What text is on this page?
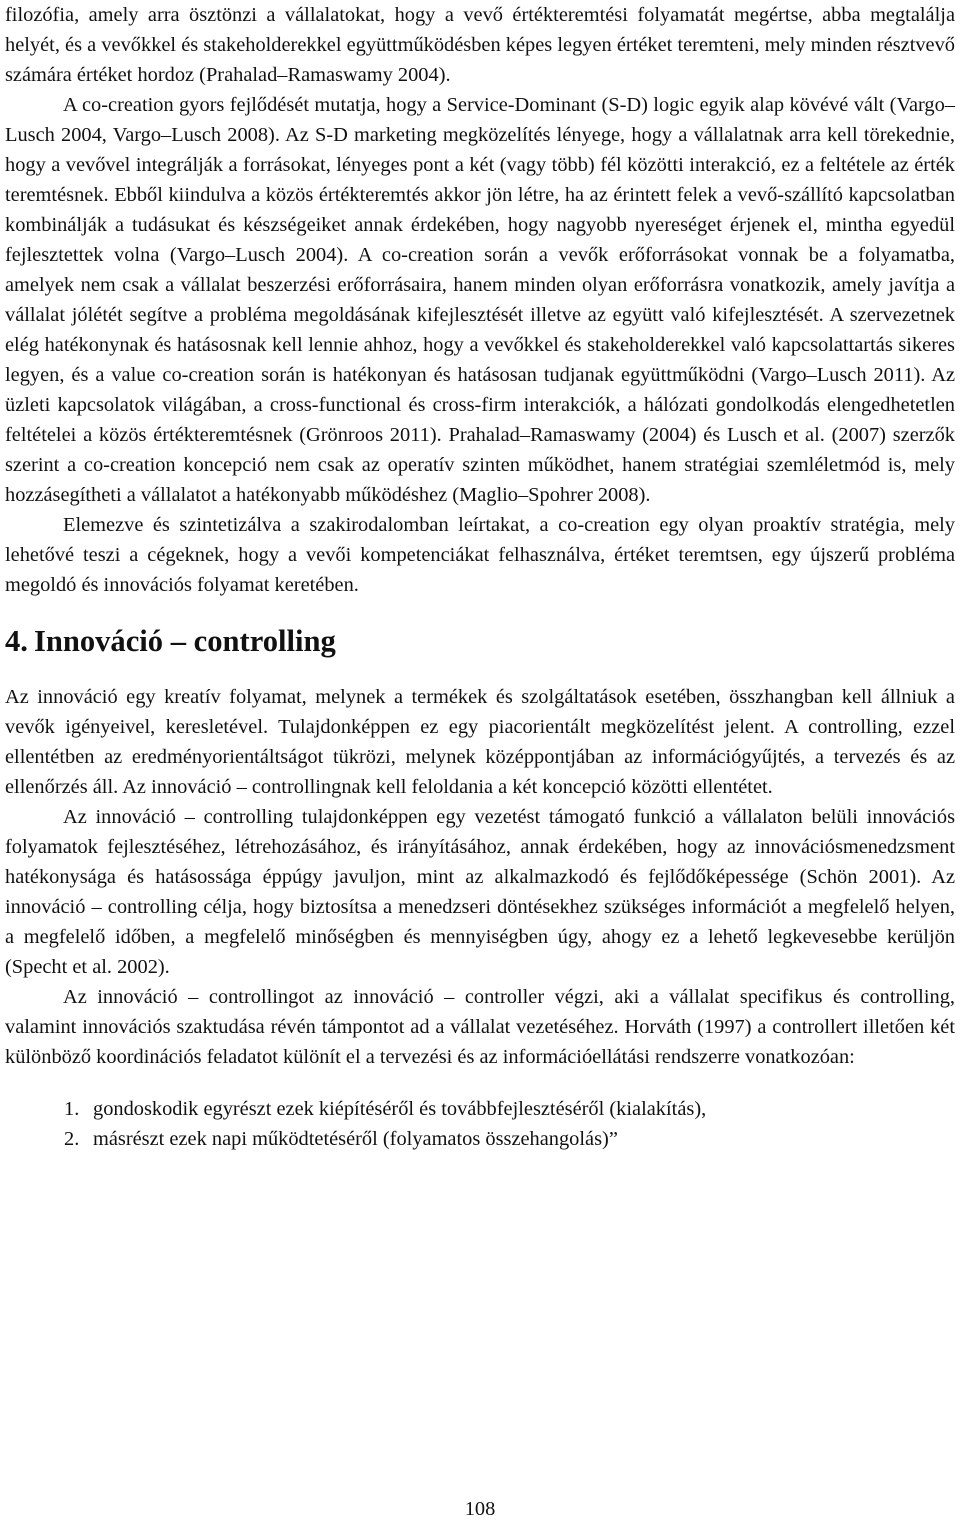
filozófia, amely arra ösztönzi a vállalatokat, hogy a vevő értékteremtési folyamatát megértse, abba megtalálja helyét, és a vevőkkel és stakeholderekkel együttműködésben képes legyen értéket teremteni, mely minden résztvevő számára értéket hordoz (Prahalad–Ramaswamy 2004).

A co-creation gyors fejlődését mutatja, hogy a Service-Dominant (S-D) logic egyik alap kövévé vált (Vargo–Lusch 2004, Vargo–Lusch 2008). Az S-D marketing megközelítés lényege, hogy a vállalatnak arra kell törekednie, hogy a vevővel integrálják a forrásokat, lényeges pont a két (vagy több) fél közötti interakció, ez a feltétele az érték teremtésnek. Ebből kiindulva a közös értékteremtés akkor jön létre, ha az érintett felek a vevő-szállító kapcsolatban kombinálják a tudásukat és készségeiket annak érdekében, hogy nagyobb nyereséget érjenek el, mintha egyedül fejlesztettek volna (Vargo–Lusch 2004). A co-creation során a vevők erőforrásokat vonnak be a folyamatba, amelyek nem csak a vállalat beszerzési erőforrásaira, hanem minden olyan erőforrásra vonatkozik, amely javítja a vállalat jólétét segítve a probléma megoldásának kifejlesztését illetve az együtt való kifejlesztését. A szervezetnek elég hatékonynak és hatásosnak kell lennie ahhoz, hogy a vevőkkel és stakeholderekkel való kapcsolattartás sikeres legyen, és a value co-creation során is hatékonyan és hatásosan tudjanak együttműködni (Vargo–Lusch 2011). Az üzleti kapcsolatok világában, a cross-functional és cross-firm interakciók, a hálózati gondolkodás elengedhetetlen feltételei a közös értékteremtésnek (Grönroos 2011). Prahalad–Ramaswamy (2004) és Lusch et al. (2007) szerzők szerint a co-creation koncepció nem csak az operatív szinten működhet, hanem stratégiai szemléletmód is, mely hozzásegítheti a vállalatot a hatékonyabb működéshez (Maglio–Spohrer 2008).

Elemezve és szintetizálva a szakirodalomban leírtakat, a co-creation egy olyan proaktív stratégia, mely lehetővé teszi a cégeknek, hogy a vevői kompetenciákat felhasználva, értéket teremtsen, egy újszerű probléma megoldó és innovációs folyamat keretében.

4. Innováció – controlling

Az innováció egy kreatív folyamat, melynek a termékek és szolgáltatások esetében, összhangban kell állniuk a vevők igényeivel, keresletével. Tulajdonképpen ez egy piacorientált megközelítést jelent. A controlling, ezzel ellentétben az eredményorientáltságot tükrözi, melynek középpontjában az információgyűjtés, a tervezés és az ellenőrzés áll. Az innováció – controllingnak kell feloldania a két koncepció közötti ellentétet.

Az innováció – controlling tulajdonképpen egy vezetést támogató funkció a vállalaton belüli innovációs folyamatok fejlesztéséhez, létrehozásához, és irányításához, annak érdekében, hogy az innovációsmenedzsment hatékonysága és hatásossága éppúgy javuljon, mint az alkalmazkodó és fejlődőképessége (Schön 2001). Az innováció – controlling célja, hogy biztosítsa a menedzseri döntésekhez szükséges információt a megfelelő helyen, a megfelelő időben, a megfelelő minőségben és mennyiségben úgy, ahogy ez a lehető legkevesebbe kerüljön (Specht et al. 2002).

Az innováció – controllingot az innováció – controller végzi, aki a vállalat specifikus és controlling, valamint innovációs szaktudása révén támpontot ad a vállalat vezetéséhez. Horváth (1997) a controllert illetően két különböző koordinációs feladatot különít el a tervezési és az információellátási rendszerre vonatkozóan:

1. gondoskodik egyrészt ezek kiépítéséről és továbbfejlesztéséről (kialakítás),
2. másrészt ezek napi működtetéséről (folyamatos összehangolás)”
108
